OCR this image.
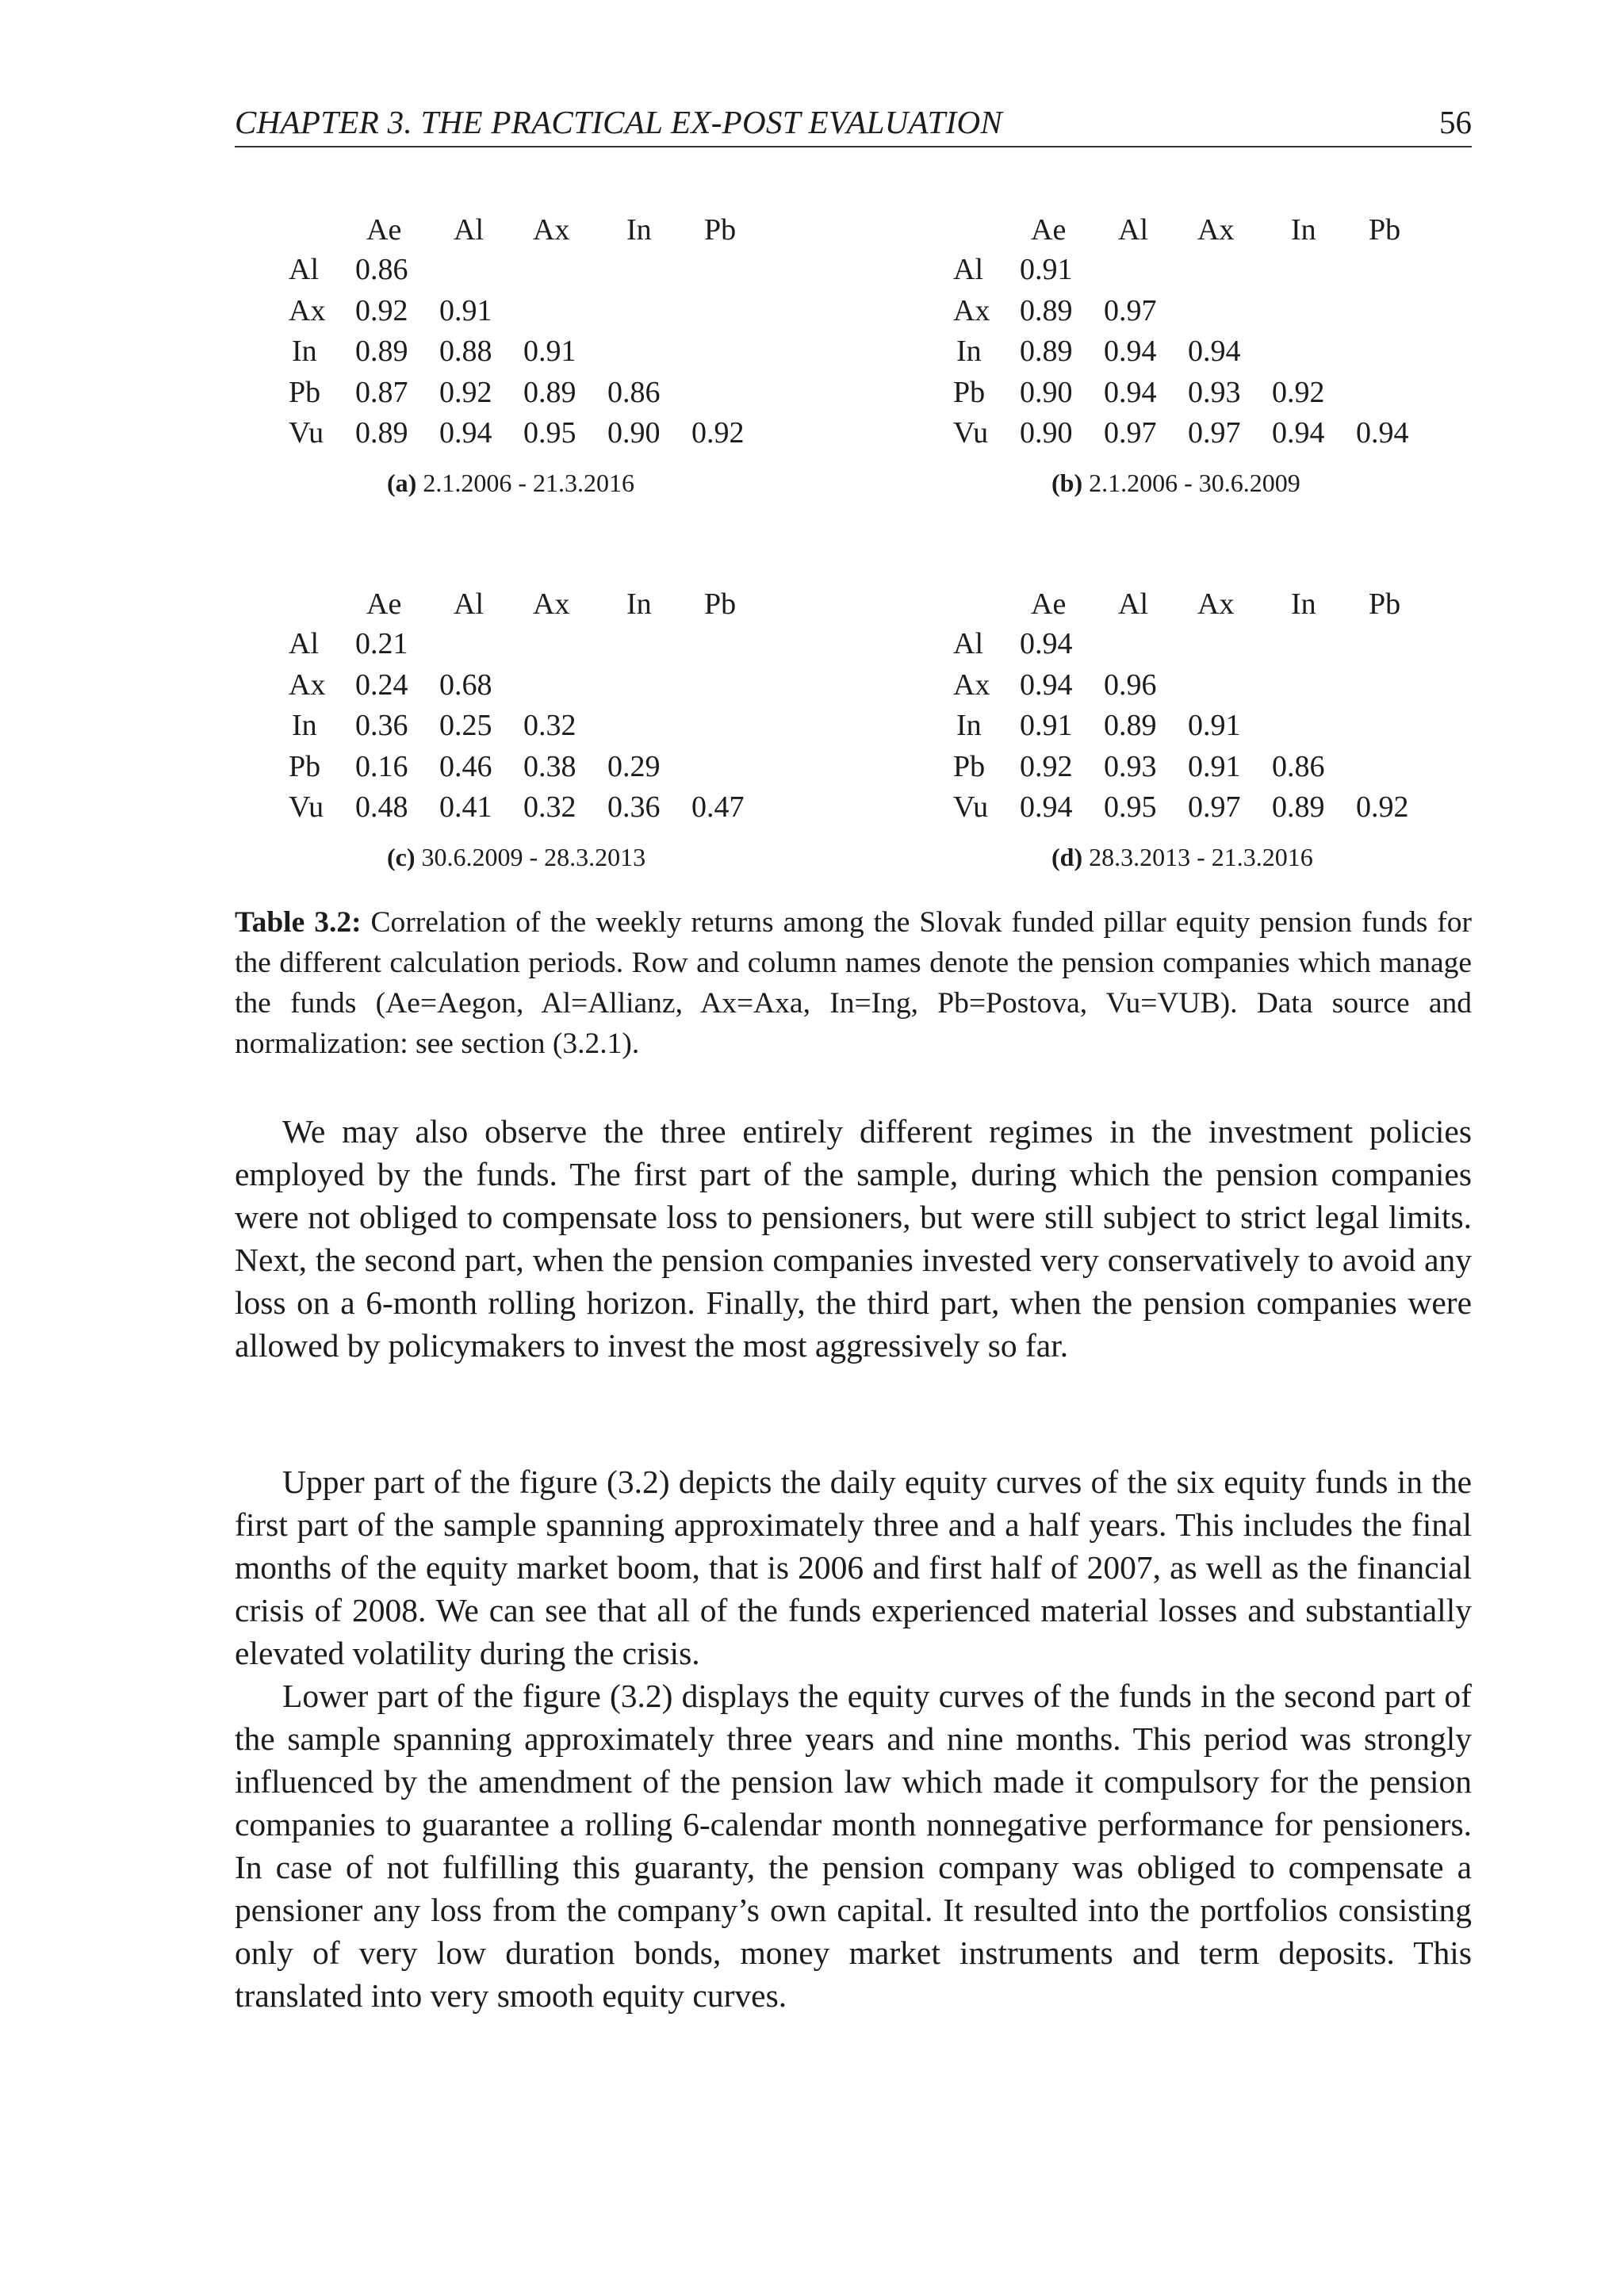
CHAPTER 3. THE PRACTICAL EX-POST EVALUATION	56
Ae Al Ax In Pb
Al 0.86
Ax 0.92 0.91
In 0.89 0.88 0.91
Pb 0.87 0.92 0.89 0.86
Vu 0.89 0.94 0.95 0.90 0.92
(a) 2.1.2006 - 21.3.2016
Ae Al Ax In Pb
Al 0.91
Ax 0.89 0.97
In 0.89 0.94 0.94
Pb 0.90 0.94 0.93 0.92
Vu 0.90 0.97 0.97 0.94 0.94
(b) 2.1.2006 - 30.6.2009
Ae Al Ax In Pb
Al 0.21
Ax 0.24 0.68
In 0.36 0.25 0.32
Pb 0.16 0.46 0.38 0.29
Vu 0.48 0.41 0.32 0.36 0.47
(c) 30.6.2009 - 28.3.2013
Ae Al Ax In Pb
Al 0.94
Ax 0.94 0.96
In 0.91 0.89 0.91
Pb 0.92 0.93 0.91 0.86
Vu 0.94 0.95 0.97 0.89 0.92
(d) 28.3.2013 - 21.3.2016
Table 3.2: Correlation of the weekly returns among the Slovak funded pillar equity pension funds for the different calculation periods. Row and column names denote the pension companies which manage the funds (Ae=Aegon, Al=Allianz, Ax=Axa, In=Ing, Pb=Postova, Vu=VUB). Data source and normalization: see section (3.2.1).

We may also observe the three entirely different regimes in the investment policies employed by the funds. The first part of the sample, during which the pension companies were not obliged to compensate loss to pensioners, but were still subject to strict legal limits. Next, the second part, when the pension companies invested very conservatively to avoid any loss on a 6-month rolling horizon. Finally, the third part, when the pension companies were allowed by policymakers to invest the most aggressively so far.

Upper part of the figure (3.2) depicts the daily equity curves of the six equity funds in the first part of the sample spanning approximately three and a half years. This includes the final months of the equity market boom, that is 2006 and first half of 2007, as well as the financial crisis of 2008. We can see that all of the funds experienced material losses and substantially elevated volatility during the crisis.

Lower part of the figure (3.2) displays the equity curves of the funds in the second part of the sample spanning approximately three years and nine months. This period was strongly influenced by the amendment of the pension law which made it compulsory for the pension companies to guarantee a rolling 6-calendar month nonnegative performance for pensioners. In case of not fulfilling this guaranty, the pension company was obliged to compensate a pensioner any loss from the company’s own capital. It resulted into the portfolios consisting only of very low duration bonds, money market instruments and term deposits. This translated into very smooth equity curves.
